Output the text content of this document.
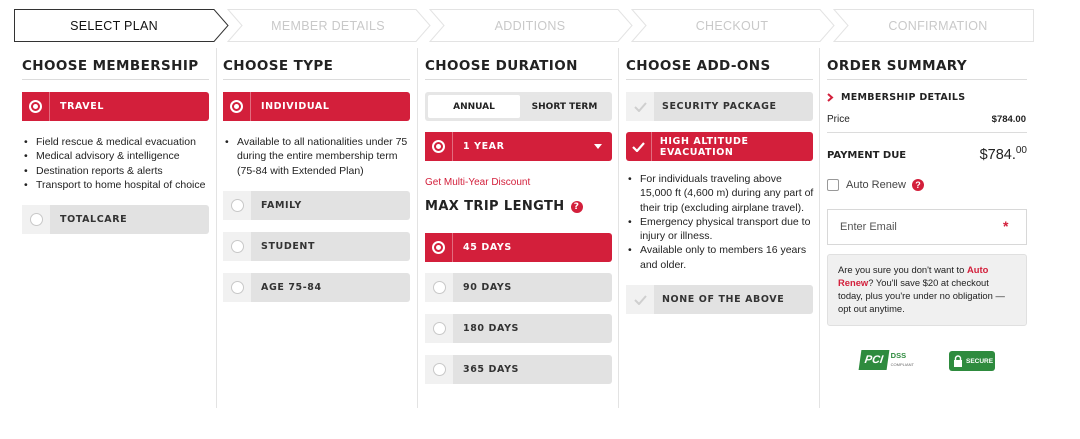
SELECT PLAN	MEMBER DETAILS	ADDITIONS	CHECKOUT	CONFIRMATION
CHOOSE MEMBERSHIP
TRAVEL
• Field rescue & medical evacuation
• Medical advisory & intelligence
• Destination reports & alerts
• Transport to home hospital of choice
TOTALCARE
CHOOSE TYPE
INDIVIDUAL
• Available to all nationalities under 75 during the entire membership term (75-84 with Extended Plan)
FAMILY
STUDENT
AGE 75-84
CHOOSE DURATION
ANNUAL	SHORT TERM
1 YEAR
Get Multi-Year Discount
MAX TRIP LENGTH	?
45 DAYS
90 DAYS
180 DAYS
365 DAYS
CHOOSE ADD-ONS
SECURITY PACKAGE
HIGH ALTITUDE EVACUATION
• For individuals traveling above 15,000 ft (4,600 m) during any part of their trip (excluding airplane travel).
• Emergency physical transport due to injury or illness.
• Available only to members 16 years and older.
NONE OF THE ABOVE
ORDER SUMMARY
MEMBERSHIP DETAILS
Price	$784.00
PAYMENT DUE	$784.00
Auto Renew	?
Enter Email
*
Are you sure you don't want to Auto Renew? You'll save $20 at checkout today, plus you're under no obligation — opt out anytime.
PCI DSS
COMPLIANT	SECURE
